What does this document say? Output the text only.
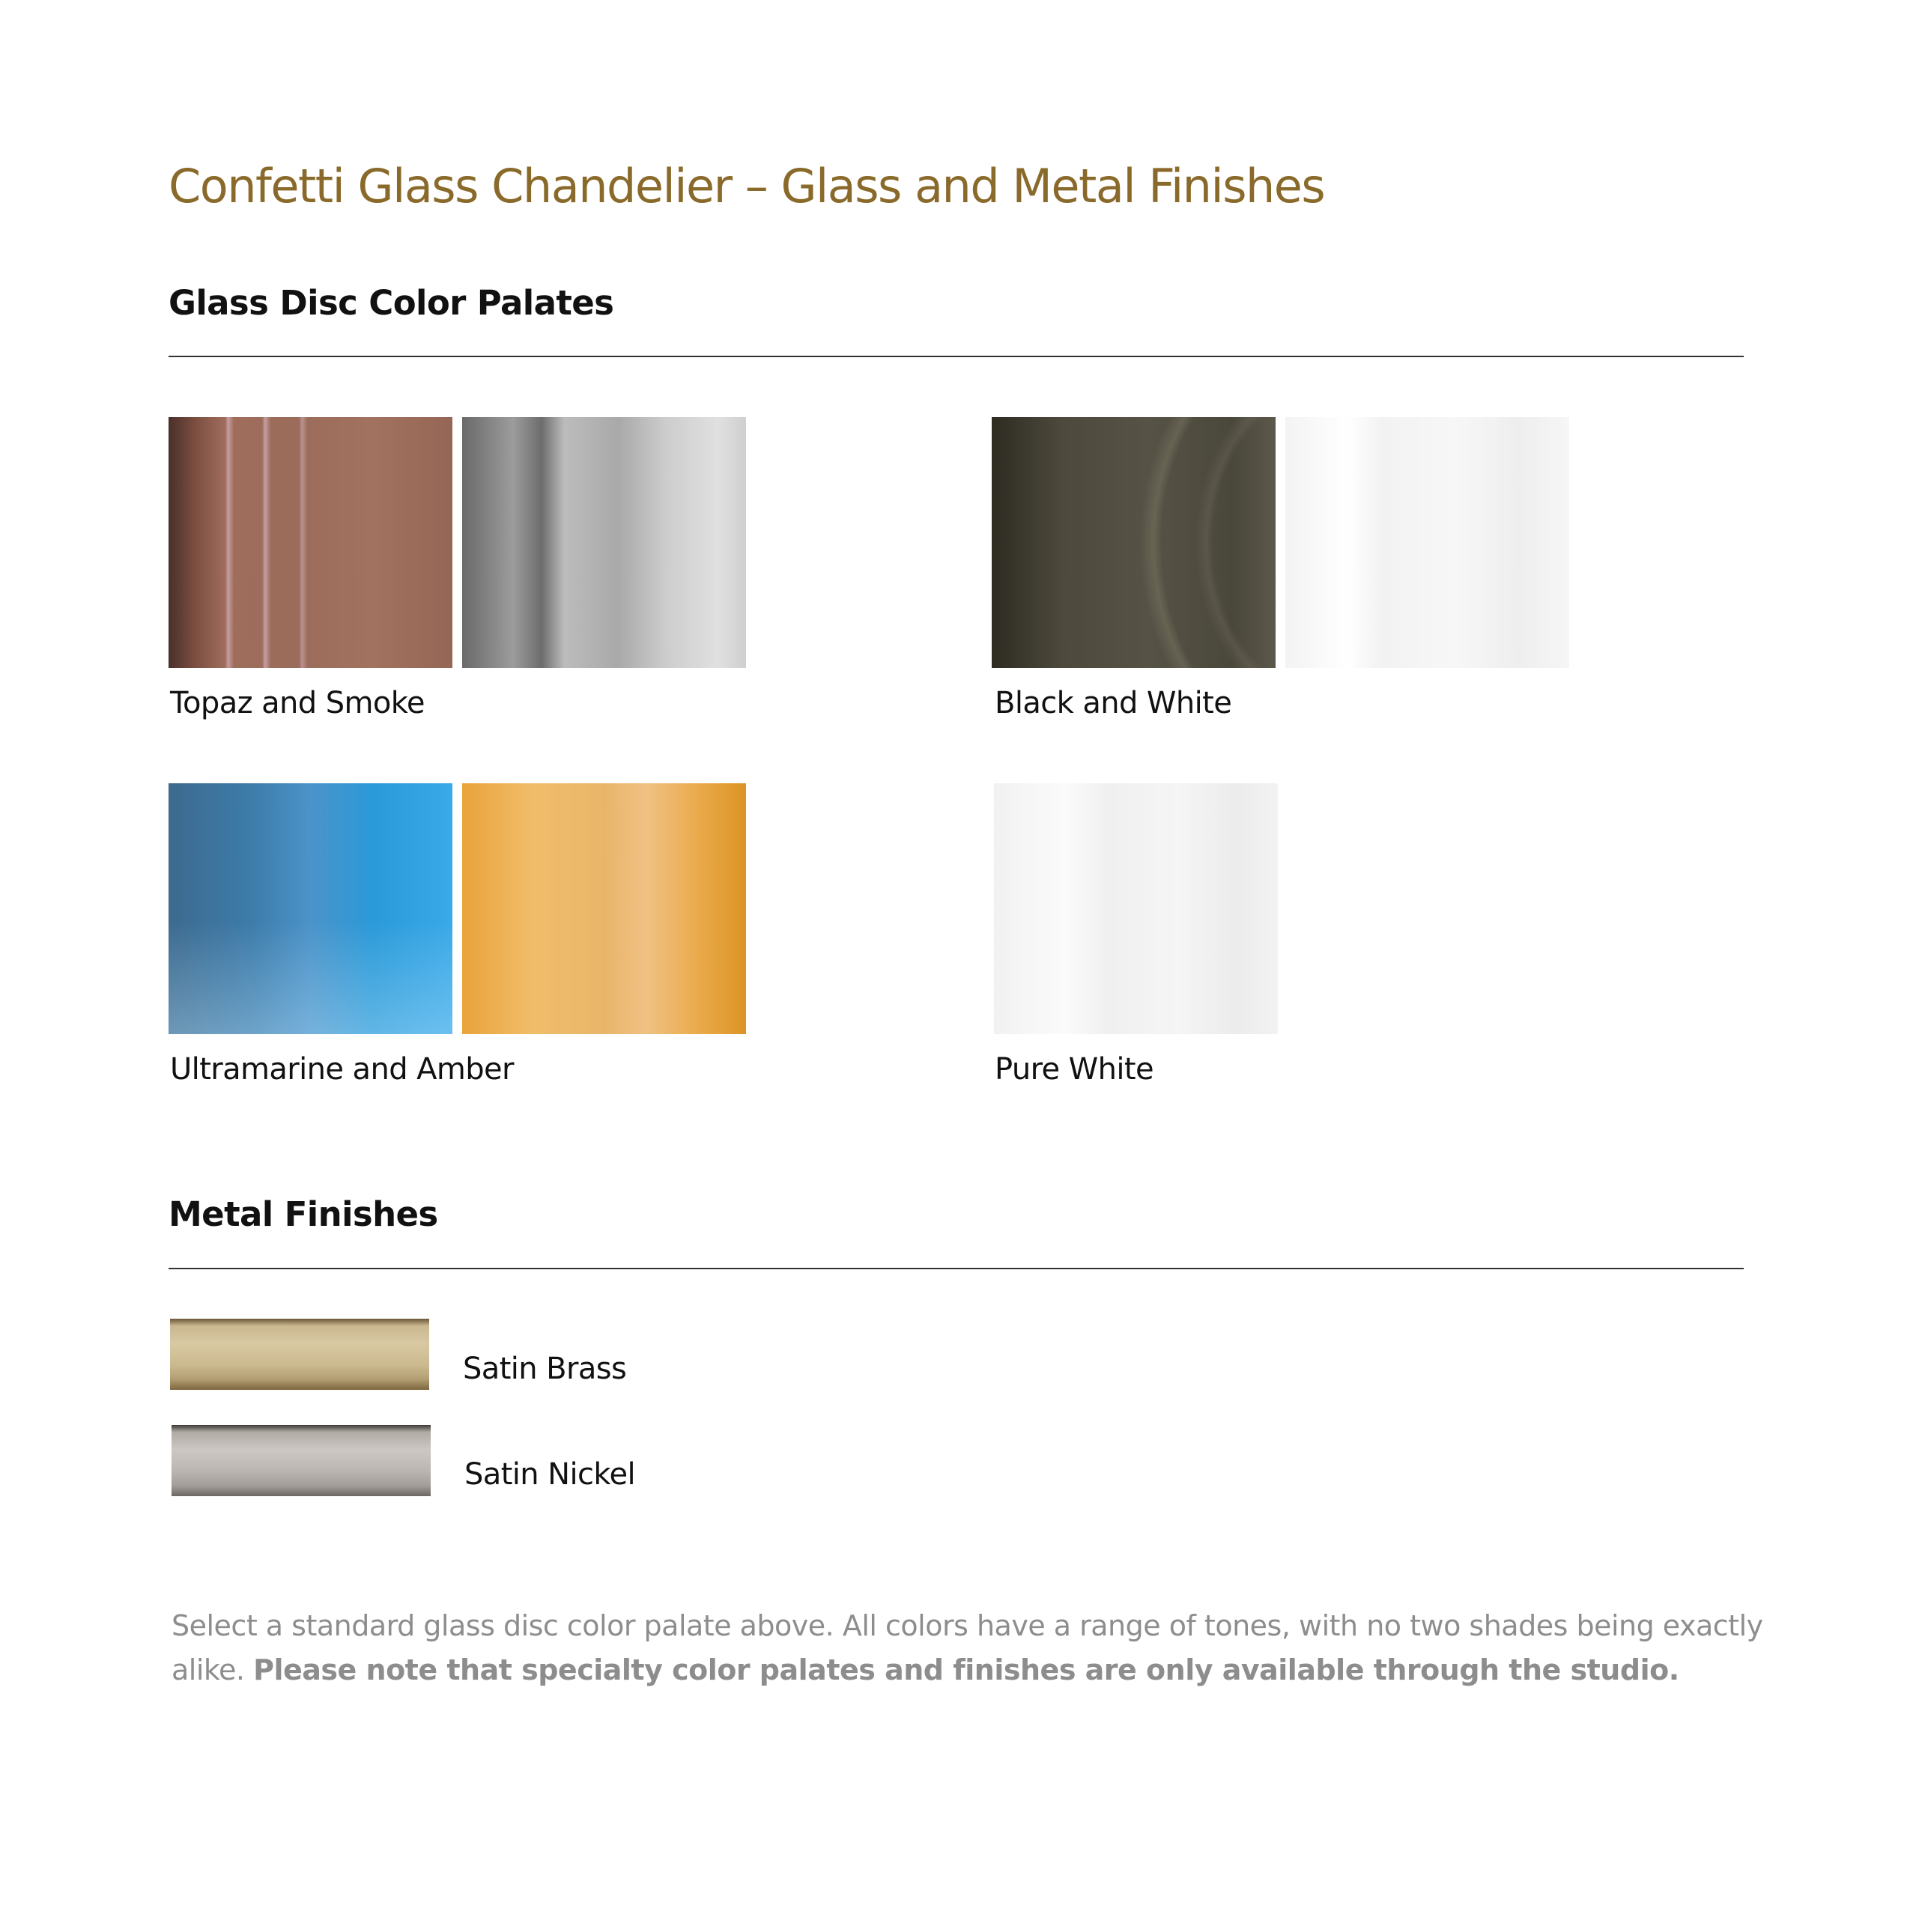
Confetti Glass Chandelier – Glass and Metal Finishes
Glass Disc Color Palates

Topaz and Smoke	Black and White

Ultramarine and Amber	Pure White

Metal Finishes

Satin Brass

Satin Nickel

Select a standard glass disc color palate above. All colors have a range of tones, with no two shades being exactly alike. Please note that specialty color palates and finishes are only available through the studio.
